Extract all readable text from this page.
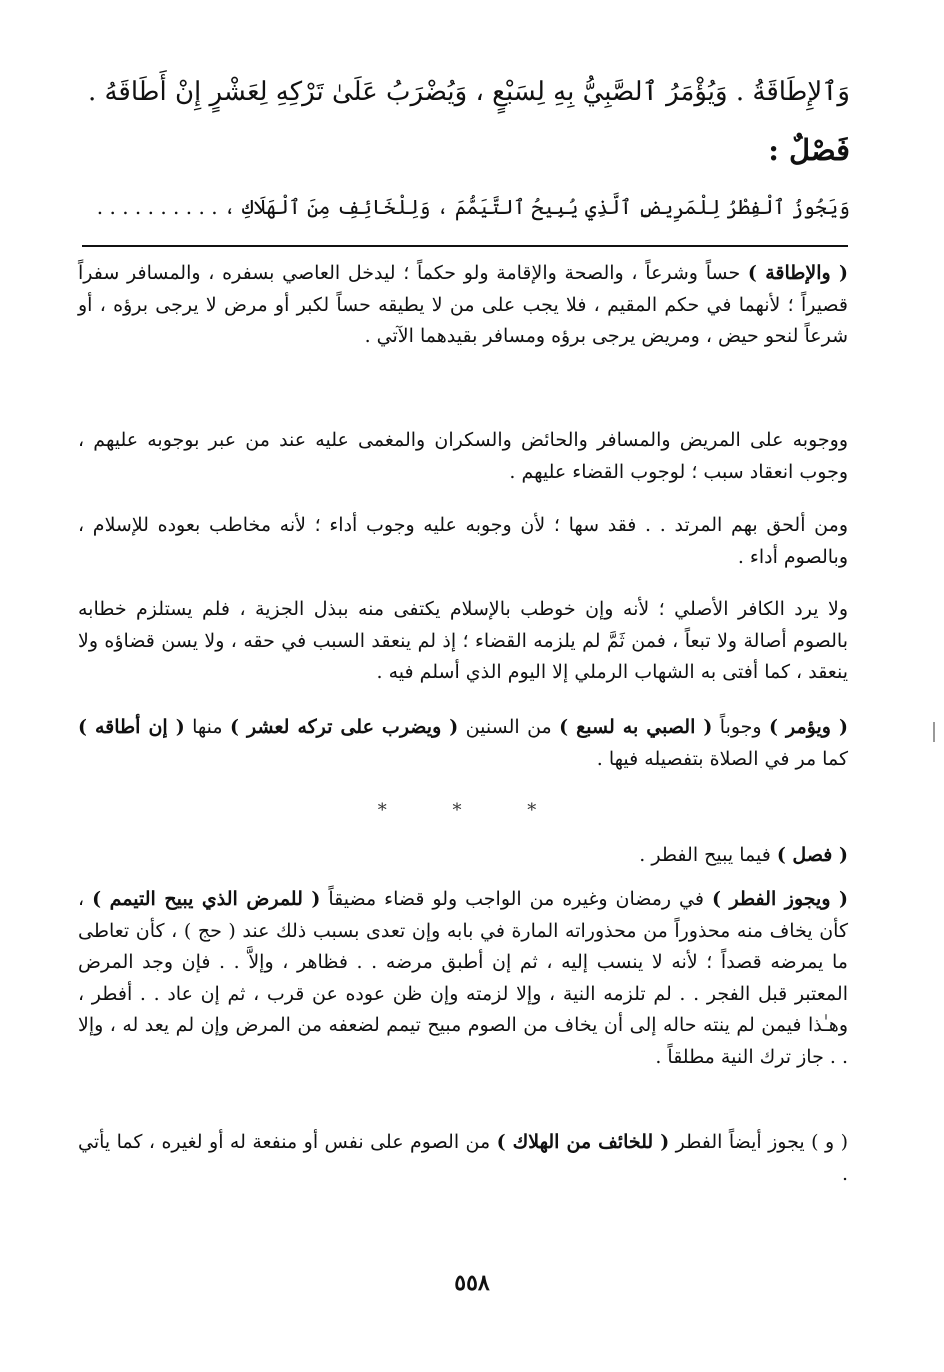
وَٱلإِطَاقَةُ . وَيُؤْمَرُ ٱلصَّبِيُّ بِهِ لِسَبْعٍ ، وَيُضْرَبُ عَلَىٰ تَرْكِهِ لِعَشْرٍ إِنْ أَطَاقَهُ .
فَصْلٌ :
وَيَجُوزُ ٱلْفِطْرُ لِلْمَرِيضِ ٱلَّذِي يُبِيحُ ٱلتَّيَمُّمَ ، وَلِلْخَائِفِ مِنَ ٱلْهَلَاكِ ، . . . . . . . . . .
( والإطاقة ) حساً وشرعاً ، والصحة والإقامة ولو حكماً ؛ ليدخل العاصي بسفره ، والمسافر سفراً قصيراً ؛ لأنهما في حكم المقيم ، فلا يجب على من لا يطيقه حساً لكبر أو مرض لا يرجى برؤه ، أو شرعاً لنحو حيض ، ومريض يرجى برؤه ومسافر بقيدهما الآتي .
ووجوبه على المريض والمسافر والحائض والسكران والمغمى عليه عند من عبر بوجوبه عليهم ، وجوب انعقاد سبب ؛ لوجوب القضاء عليهم .
ومن ألحق بهم المرتد . . فقد سها ؛ لأن وجوبه عليه وجوب أداء ؛ لأنه مخاطب بعوده للإسلام ، وبالصوم أداء .
ولا يرد الكافر الأصلي ؛ لأنه وإن خوطب بالإسلام يكتفى منه ببذل الجزية ، فلم يستلزم خطابه بالصوم أصالة ولا تبعاً ، فمن ثَمَّ لم يلزمه القضاء ؛ إذ لم ينعقد السبب في حقه ، ولا يسن قضاؤه ولا ينعقد ، كما أفتى به الشهاب الرملي إلا اليوم الذي أسلم فيه .
( ويؤمر ) وجوباً ( الصبي به لسبع ) من السنين ( ويضرب على تركه لعشر ) منها ( إن أطاقه ) كما مر في الصلاة بتفصيله فيها .
* * *
( فصل ) فيما يبيح الفطر .
( ويجوز الفطر ) في رمضان وغيره من الواجب ولو قضاء مضيقاً ( للمرض الذي يبيح التيمم ) ، كأن يخاف منه محذوراً من محذوراته المارة في بابه وإن تعدى بسبب ذلك عند ( حج ) ، كأن تعاطى ما يمرضه قصداً ؛ لأنه لا ينسب إليه ، ثم إن أطبق مرضه . . فظاهر ، وإلاَّ . . فإن وجد المرض المعتبر قبل الفجر . . لم تلزمه النية ، وإلا لزمته وإن ظن عوده عن قرب ، ثم إن عاد . . أفطر ، وهـٰذا فيمن لم ينته حاله إلى أن يخاف من الصوم مبيح تيمم لضعفه من المرض وإن لم يعد له ، وإلا . . جاز ترك النية مطلقاً .
( و ) يجوز أيضاً الفطر ( للخائف من الهلاك ) من الصوم على نفس أو منفعة له أو لغيره ، كما يأتي .
٥٥٨
